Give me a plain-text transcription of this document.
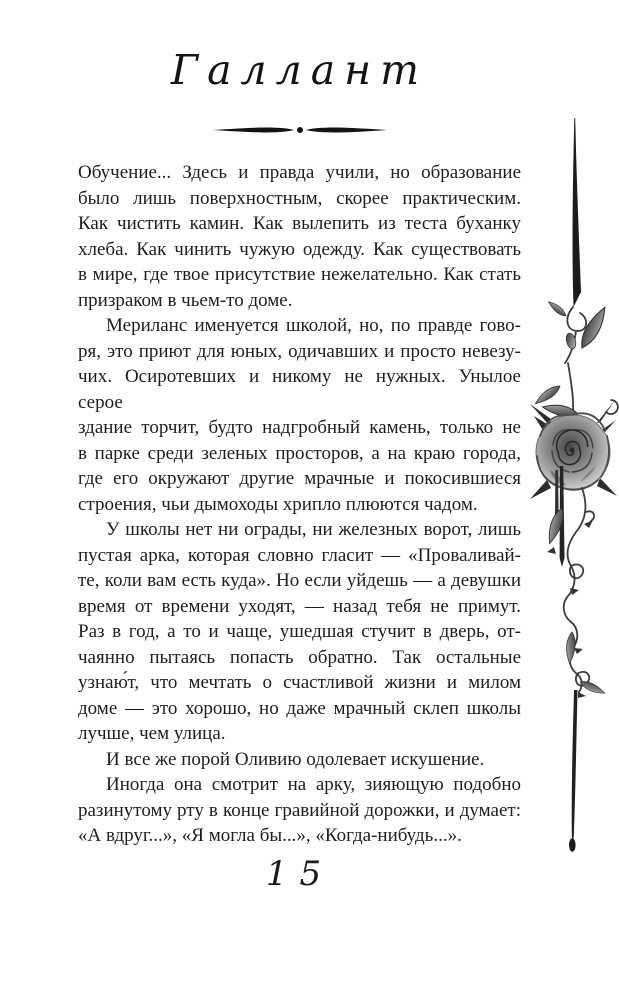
Галлант
Обучение... Здесь и правда учили, но образование
было лишь поверхностным, скорее практическим.
Как чистить камин. Как вылепить из теста буханку
хлеба. Как чинить чужую одежду. Как существовать
в мире, где твое присутствие нежелательно. Как стать
призраком в чьем-то доме.
Мериланс именуется школой, но, по правде гово-
ря, это приют для юных, одичавших и просто невезу-
чих. Осиротевших и никому не нужных. Унылое серое
здание торчит, будто надгробный камень, только не
в парке среди зеленых просторов, а на краю города,
где его окружают другие мрачные и покосившиеся
строения, чьи дымоходы хрипло плюются чадом.
У школы нет ни ограды, ни железных ворот, лишь
пустая арка, которая словно гласит — «Проваливай-
те, коли вам есть куда». Но если уйдешь — а девушки
время от времени уходят, — назад тебя не примут.
Раз в год, а то и чаще, ушедшая стучит в дверь, от-
чаянно пытаясь попасть обратно. Так остальные
узнаю́т, что мечтать о счастливой жизни и милом
доме — это хорошо, но даже мрачный склеп школы
лучше, чем улица.
И все же порой Оливию одолевает искушение.
Иногда она смотрит на арку, зияющую подобно
разинутому рту в конце гравийной дорожки, и думает:
«А вдруг...», «Я могла бы...», «Когда-нибудь...».
15
